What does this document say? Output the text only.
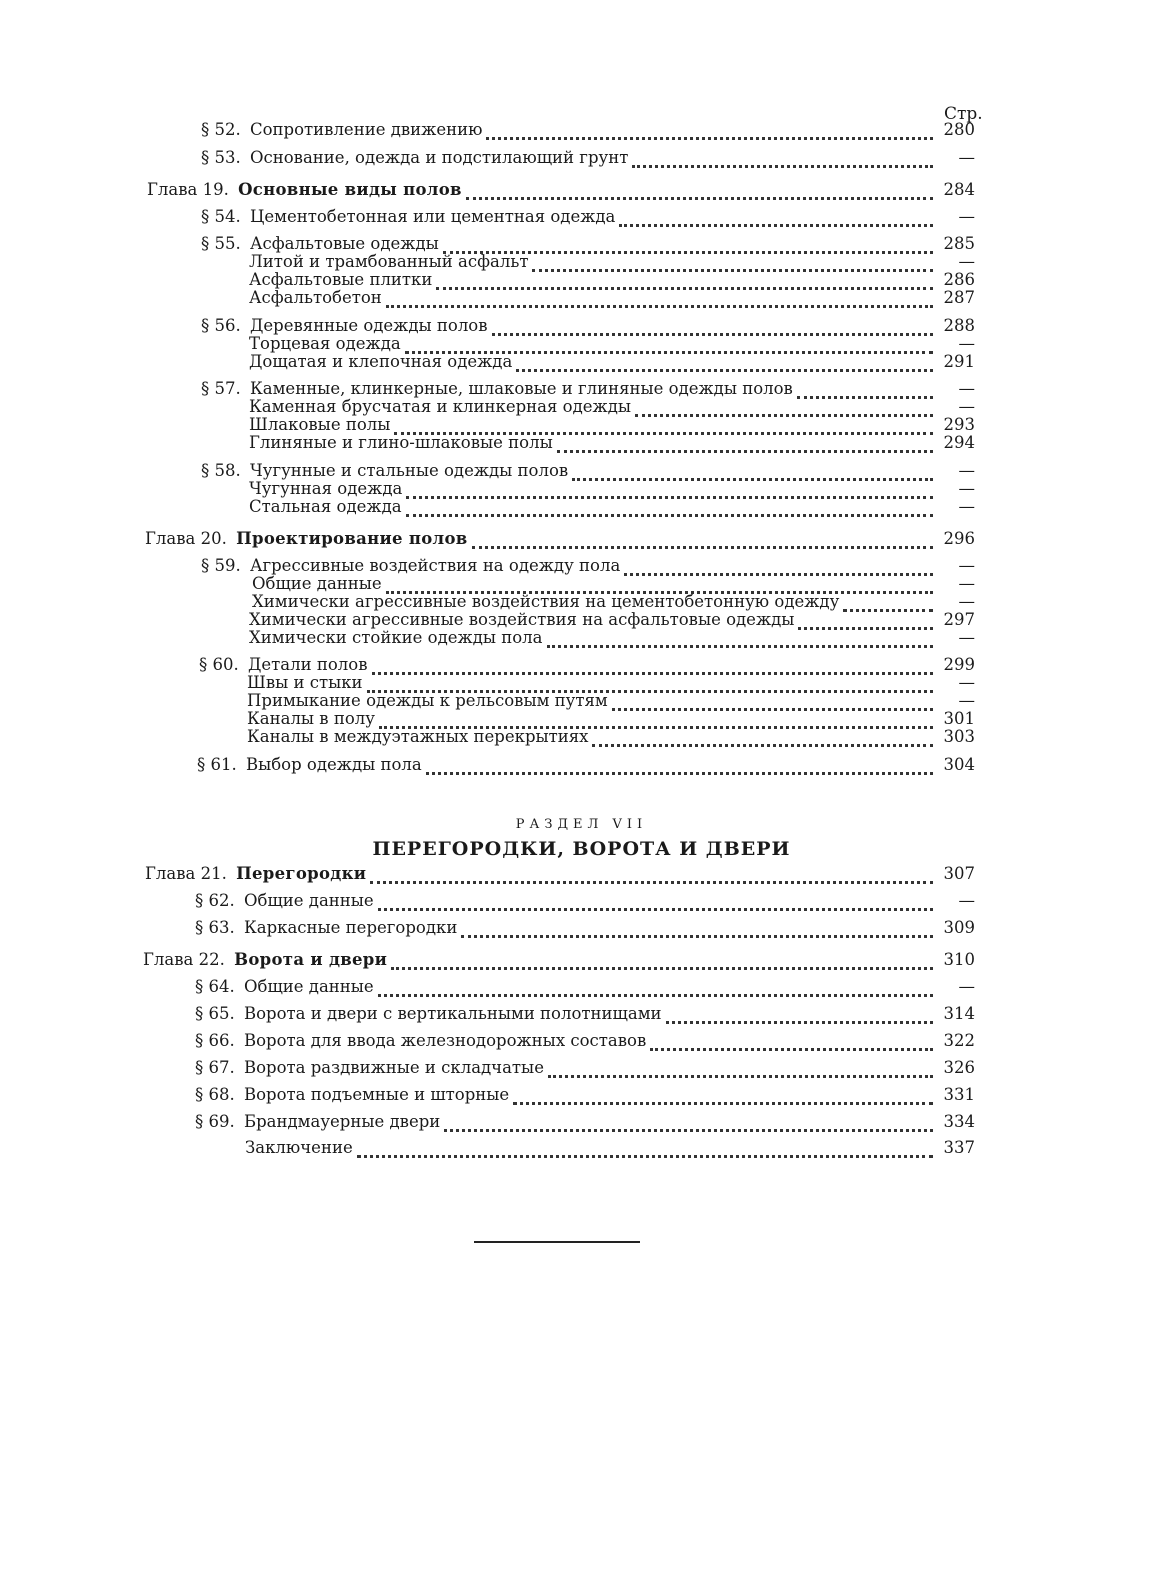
Стр.
§ 52. Сопротивление движению	280
§ 53. Основание, одежда и подстилающий грунт	—
Глава 19. Основные виды полов	284
§ 54. Цементобетонная или цементная одежда	—
§ 55. Асфальтовые одежды	285
Литой и трамбованный асфальт	—
Асфальтовые плитки	286
Асфальтобетон	287
§ 56. Деревянные одежды полов	288
Торцевая одежда	—
Дощатая и клепочная одежда	291
§ 57. Каменные, клинкерные, шлаковые и глиняные одежды полов	—
Каменная брусчатая и клинкерная одежды	—
Шлаковые полы	293
Глиняные и глино-шлаковые полы	294
§ 58. Чугунные и стальные одежды полов	—
Чугунная одежда	—
Стальная одежда	—
Глава 20. Проектирование полов	296
§ 59. Агрессивные воздействия на одежду пола	—
Общие данные	—
Химически агрессивные воздействия на цементобетонную одежду	—
Химически агрессивные воздействия на асфальтовые одежды	297
Химически стойкие одежды пола	—
§ 60. Детали полов	299
Швы и стыки	—
Примыкание одежды к рельсовым путям	—
Каналы в полу	301
Каналы в междуэтажных перекрытиях	303
§ 61. Выбор одежды пола	304
Глава 21. Перегородки	307
§ 62. Общие данные	—
§ 63. Каркасные перегородки	309
Глава 22. Ворота и двери	310
§ 64. Общие данные	—
§ 65. Ворота и двери с вертикальными полотнищами	314
§ 66. Ворота для ввода железнодорожных составов	322
§ 67. Ворота раздвижные и складчатые	326
§ 68. Ворота подъемные и шторные	331
§ 69. Брандмауерные двери	334
Заключение	337
РАЗДЕЛ VII
ПЕРЕГОРОДКИ, ВОРОТА И ДВЕРИ
